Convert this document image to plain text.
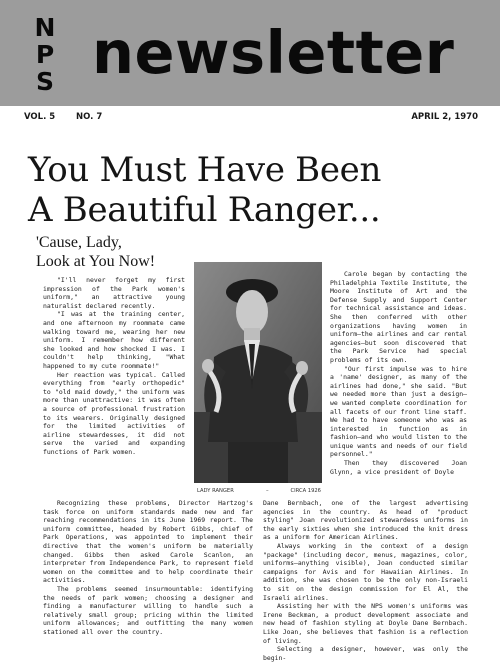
N
P
S newsletter
VOL. 5 NO. 7	APRIL 2, 1970
You Must Have Been
A Beautiful Ranger...
'Cause, Lady,
Look at You Now!

"I'll never forget my first impression of the Park women's uniform," an attractive young naturalist declared recently.

"I was at the training center, and one afternoon my roommate came walking toward me, wearing her new uniform. I remember how different she looked and how shocked I was. I couldn't help thinking, "What happened to my cute roommate!"

Her reaction was typical. Called everything from "early orthopedic" to "old maid dowdy," the uniform was more than unattractive: it was often a source of professional frustration to its wearers. Originally designed for the limited activities of airline stewardesses, it did not serve the varied and expanding functions of Park women.

LADY RANGER	–	CIRCA 1926

Carole began by contacting the Philadelphia Textile Institute, the Moore Institute of Art and the Defense Supply and Support Center for technical assistance and ideas. She then conferred with other organizations having women in uniform—the airlines and car rental agencies—but soon discovered that the Park Service had special problems of its own.

"Our first impulse was to hire a 'name' designer, as many of the airlines had done," she said. "But we needed more than just a design—we wanted complete coordination for all facets of our front line staff. We had to have someone who was as interested in function as in fashion—and who would listen to the unique wants and needs of our field personnel."

Then they discovered Joan Glynn, a vice president of Doyle

Recognizing these problems, Director Hartzog's task force on uniform standards made new and far reaching recommendations in its June 1969 report. The uniform committee, headed by Robert Gibbs, chief of Park Operations, was appointed to implement their directive that the women's uniform be materially changed. Gibbs then asked Carole Scanlon, an interpreter from Independence Park, to represent field women on the committee and to help coordinate their activities.

The problems seemed insurmountable: identifying the needs of park women; choosing a designer and finding a manufacturer willing to handle such a relatively small group; pricing within the limited uniform allowances; and outfitting the many women stationed all over the country.

Dane Bernbach, one of the largest advertising agencies in the country. As head of "product styling" Joan revolutionized stewardess uniforms in the early sixties when she introduced the knit dress as a uniform for American Airlines.

Always working in the context of a design "package" (including decor, menus, magazines, color, uniforms—anything visible), Joan conducted similar campaigns for Avis and for Hawaiian Airlines. In addition, she was chosen to be the only non-Israeli to sit on the design commission for El Al, the Israeli airlines.

Assisting her with the NPS women's uniforms was Irene Beckman, a product development associate and new head of fashion styling at Doyle Dane Bernbach. Like Joan, she believes that fashion is a reflection of living.

Selecting a designer, however, was only the begin-
